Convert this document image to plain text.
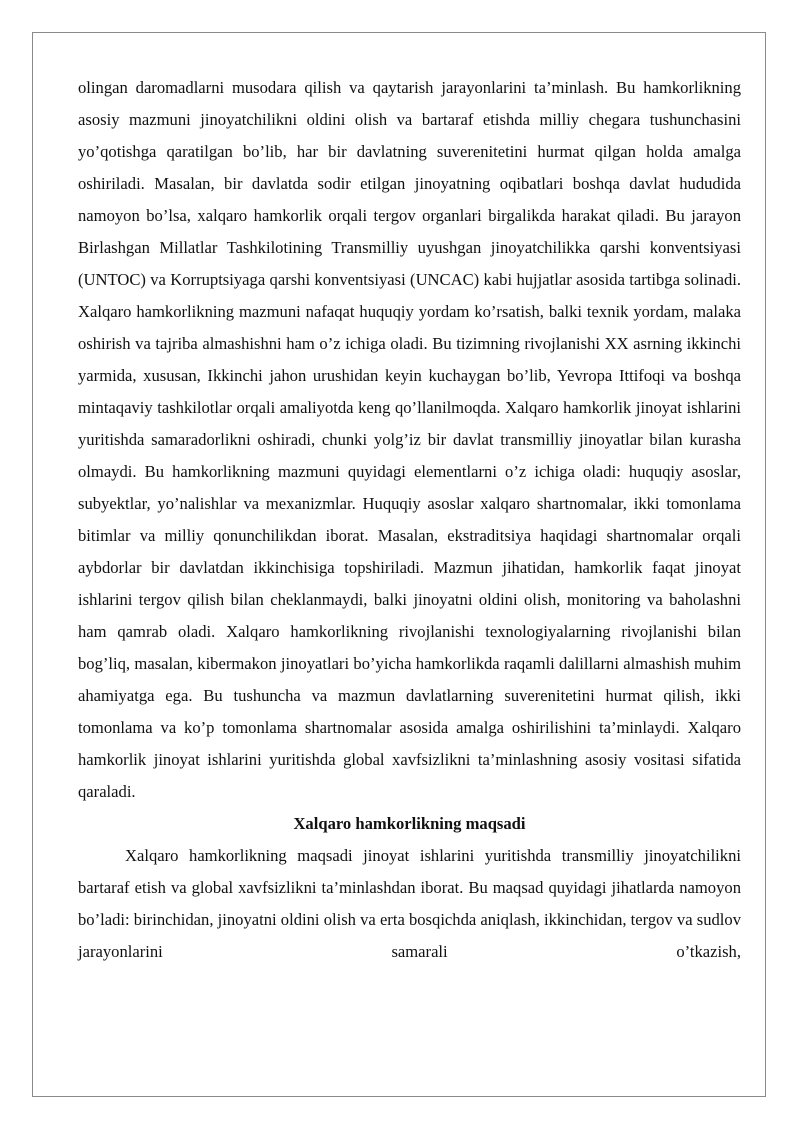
olingan daromadlarni musodara qilish va qaytarish jarayonlarini ta’minlash. Bu hamkorlikning asosiy mazmuni jinoyatchilikni oldini olish va bartaraf etishda milliy chegara tushunchasini yo’qotishga qaratilgan bo’lib, har bir davlatning suverenitetini hurmat qilgan holda amalga oshiriladi. Masalan, bir davlatda sodir etilgan jinoyatning oqibatlari boshqa davlat hududida namoyon bo’lsa, xalqaro hamkorlik orqali tergov organlari birgalikda harakat qiladi. Bu jarayon Birlashgan Millatlar Tashkilotining Transmilliy uyushgan jinoyatchilikka qarshi konventsiyasi (UNTOC) va Korruptsiyaga qarshi konventsiyasi (UNCAC) kabi hujjatlar asosida tartibga solinadi. Xalqaro hamkorlikning mazmuni nafaqat huquqiy yordam ko’rsatish, balki texnik yordam, malaka oshirish va tajriba almashishni ham o’z ichiga oladi. Bu tizimning rivojlanishi XX asrning ikkinchi yarmida, xususan, Ikkinchi jahon urushidan keyin kuchaygan bo’lib, Yevropa Ittifoqi va boshqa mintaqaviy tashkilotlar orqali amaliyotda keng qo’llanilmoqda. Xalqaro hamkorlik jinoyat ishlarini yuritishda samaradorlikni oshiradi, chunki yolg’iz bir davlat transmilliy jinoyatlar bilan kurasha olmaydi. Bu hamkorlikning mazmuni quyidagi elementlarni o’z ichiga oladi: huquqiy asoslar, subyektlar, yo’nalishlar va mexanizmlar. Huquqiy asoslar xalqaro shartnomalar, ikki tomonlama bitimlar va milliy qonunchilikdan iborat. Masalan, ekstraditsiya haqidagi shartnomalar orqali aybdorlar bir davlatdan ikkinchisiga topshiriladi. Mazmun jihatidan, hamkorlik faqat jinoyat ishlarini tergov qilish bilan cheklanmaydi, balki jinoyatni oldini olish, monitoring va baholashni ham qamrab oladi. Xalqaro hamkorlikning rivojlanishi texnologiyalarning rivojlanishi bilan bog’liq, masalan, kibermakon jinoyatlari bo’yicha hamkorlikda raqamli dalillarni almashish muhim ahamiyatga ega. Bu tushuncha va mazmun davlatlarning suverenitetini hurmat qilish, ikki tomonlama va ko’p tomonlama shartnomalar asosida amalga oshirilishini ta’minlaydi. Xalqaro hamkorlik jinoyat ishlarini yuritishda global xavfsizlikni ta’minlashning asosiy vositasi sifatida qaraladi.

Xalqaro hamkorlikning maqsadi

Xalqaro hamkorlikning maqsadi jinoyat ishlarini yuritishda transmilliy jinoyatchilikni bartaraf etish va global xavfsizlikni ta’minlashdan iborat. Bu maqsad quyidagi jihatlarda namoyon bo’ladi: birinchidan, jinoyatni oldini olish va erta bosqichda aniqlash, ikkinchidan, tergov va sudlov jarayonlarini samarali o’tkazish,
